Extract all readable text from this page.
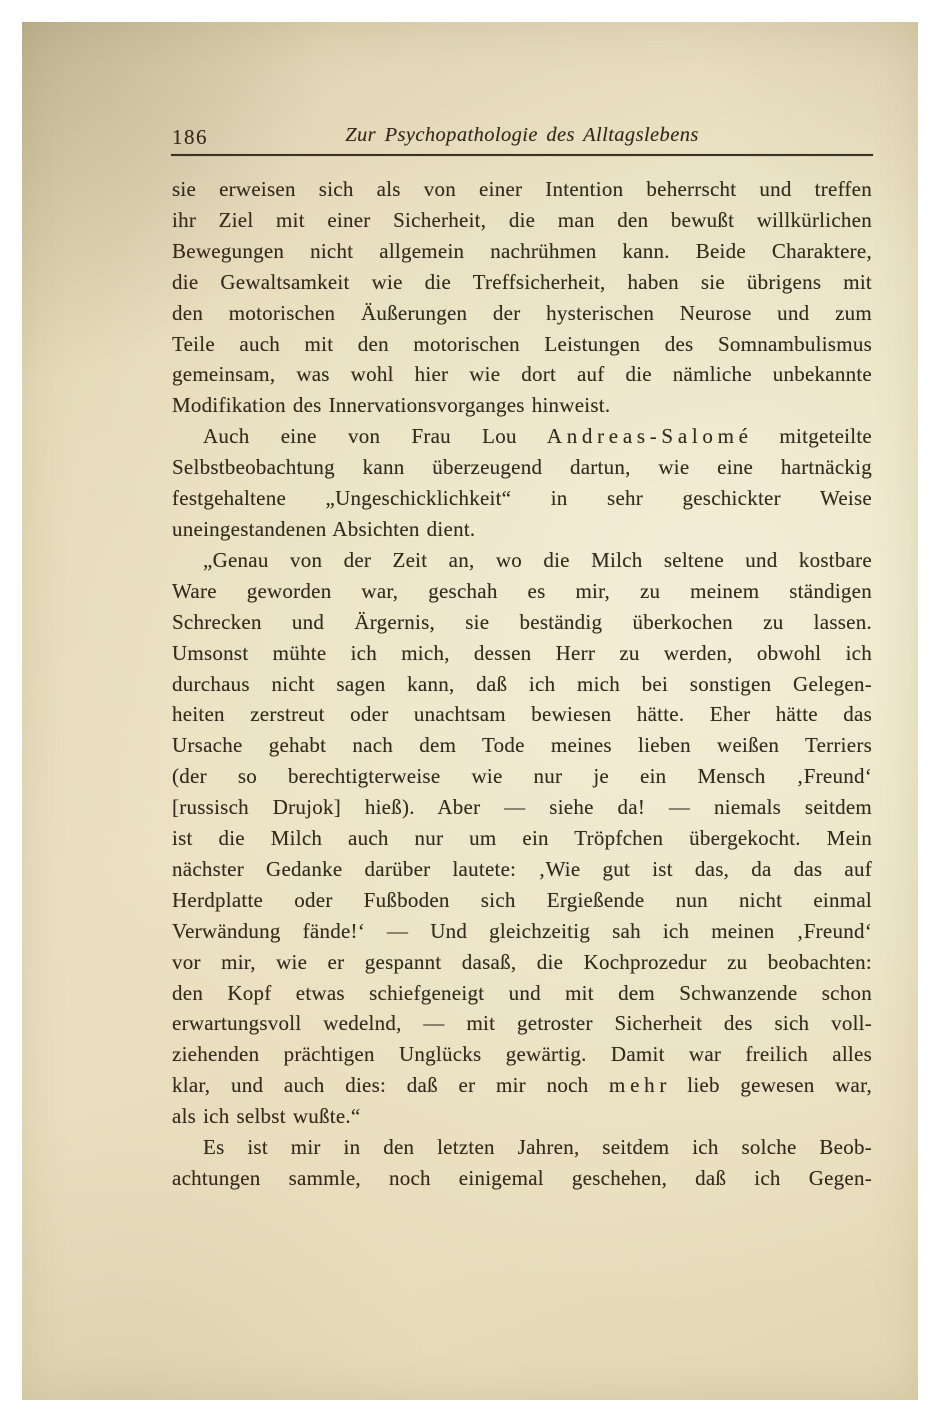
186	Zur Psychopathologie des Alltagslebens
sie erweisen sich als von einer Intention beherrscht und treffen
ihr Ziel mit einer Sicherheit, die man den bewußt willkürlichen
Bewegungen nicht allgemein nachrühmen kann. Beide Charaktere,
die Gewaltsamkeit wie die Treffsicherheit, haben sie übrigens mit
den motorischen Äußerungen der hysterischen Neurose und zum
Teile auch mit den motorischen Leistungen des Somnambulismus
gemeinsam, was wohl hier wie dort auf die nämliche unbekannte
Modifikation des Innervationsvorganges hinweist.
Auch eine von Frau Lou A n d r e a s - S a l o m é mitgeteilte
Selbstbeobachtung kann überzeugend dartun, wie eine hartnäckig
festgehaltene „Ungeschicklichkeit“ in sehr geschickter Weise
uneingestandenen Absichten dient.
„Genau von der Zeit an, wo die Milch seltene und kostbare
Ware geworden war, geschah es mir, zu meinem ständigen
Schrecken und Ärgernis, sie beständig überkochen zu lassen.
Umsonst mühte ich mich, dessen Herr zu werden, obwohl ich
durchaus nicht sagen kann, daß ich mich bei sonstigen Gelegen-
heiten zerstreut oder unachtsam bewiesen hätte. Eher hätte das
Ursache gehabt nach dem Tode meines lieben weißen Terriers
(der so berechtigterweise wie nur je ein Mensch ‚Freund‘
[russisch Drujok] hieß). Aber — siehe da! — niemals seitdem
ist die Milch auch nur um ein Tröpfchen übergekocht. Mein
nächster Gedanke darüber lautete: ‚Wie gut ist das, da das auf
Herdplatte oder Fußboden sich Ergießende nun nicht einmal
Verwändung fände!‘ — Und gleichzeitig sah ich meinen ‚Freund‘
vor mir, wie er gespannt dasaß, die Kochprozedur zu beobachten:
den Kopf etwas schiefgeneigt und mit dem Schwanzende schon
erwartungsvoll wedelnd, — mit getroster Sicherheit des sich voll-
ziehenden prächtigen Unglücks gewärtig. Damit war freilich alles
klar, und auch dies: daß er mir noch m e h r lieb gewesen war,
als ich selbst wußte.“
Es ist mir in den letzten Jahren, seitdem ich solche Beob-
achtungen sammle, noch einigemal geschehen, daß ich Gegen-
